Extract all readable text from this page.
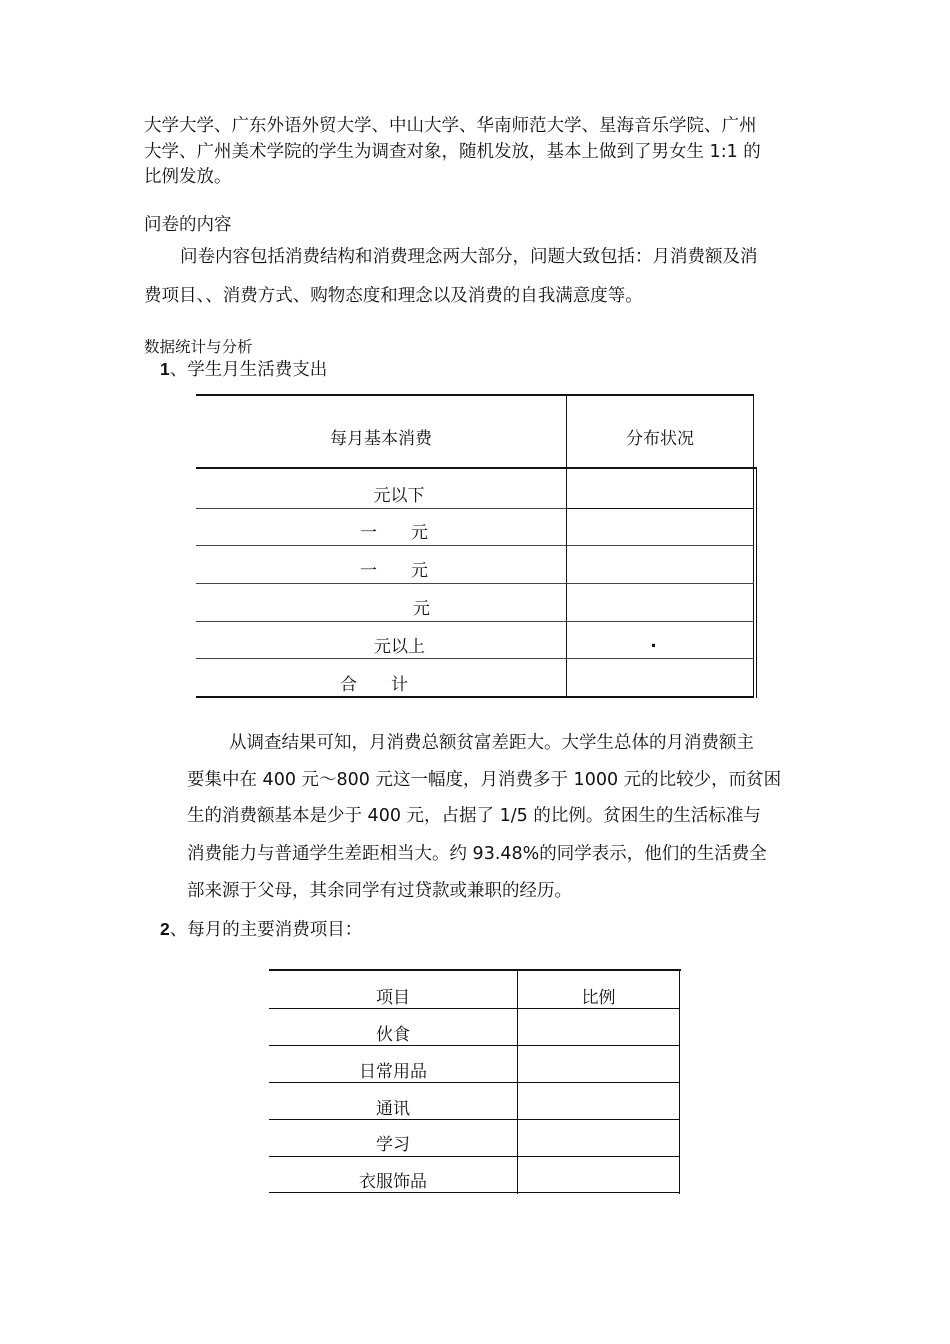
大学大学、广东外语外贸大学、中山大学、华南师范大学、星海音乐学院、广州
大学、广州美术学院的学生为调查对象，随机发放，基本上做到了男女生 1:1 的
比例发放。
问卷的内容
问卷内容包括消费结构和消费理念两大部分，问题大致包括：月消费额及消
费项目、、消费方式、购物态度和理念以及消费的自我满意度等。
数据统计与分析
1、学生月生活费支出
每月基本消费	分布状况
元以下
一　　元
一　　元
元
元以上	.
合　　计
从调查结果可知，月消费总额贫富差距大。大学生总体的月消费额主
要集中在 400 元～800 元这一幅度，月消费多于 1000 元的比较少，而贫困
生的消费额基本是少于 400 元，占据了 1/5 的比例。贫困生的生活标准与
消费能力与普通学生差距相当大。约 93.48%的同学表示，他们的生活费全
部来源于父母，其余同学有过贷款或兼职的经历。
2、每月的主要消费项目：
项目	比例
伙食
日常用品
通讯
学习
衣服饰品
